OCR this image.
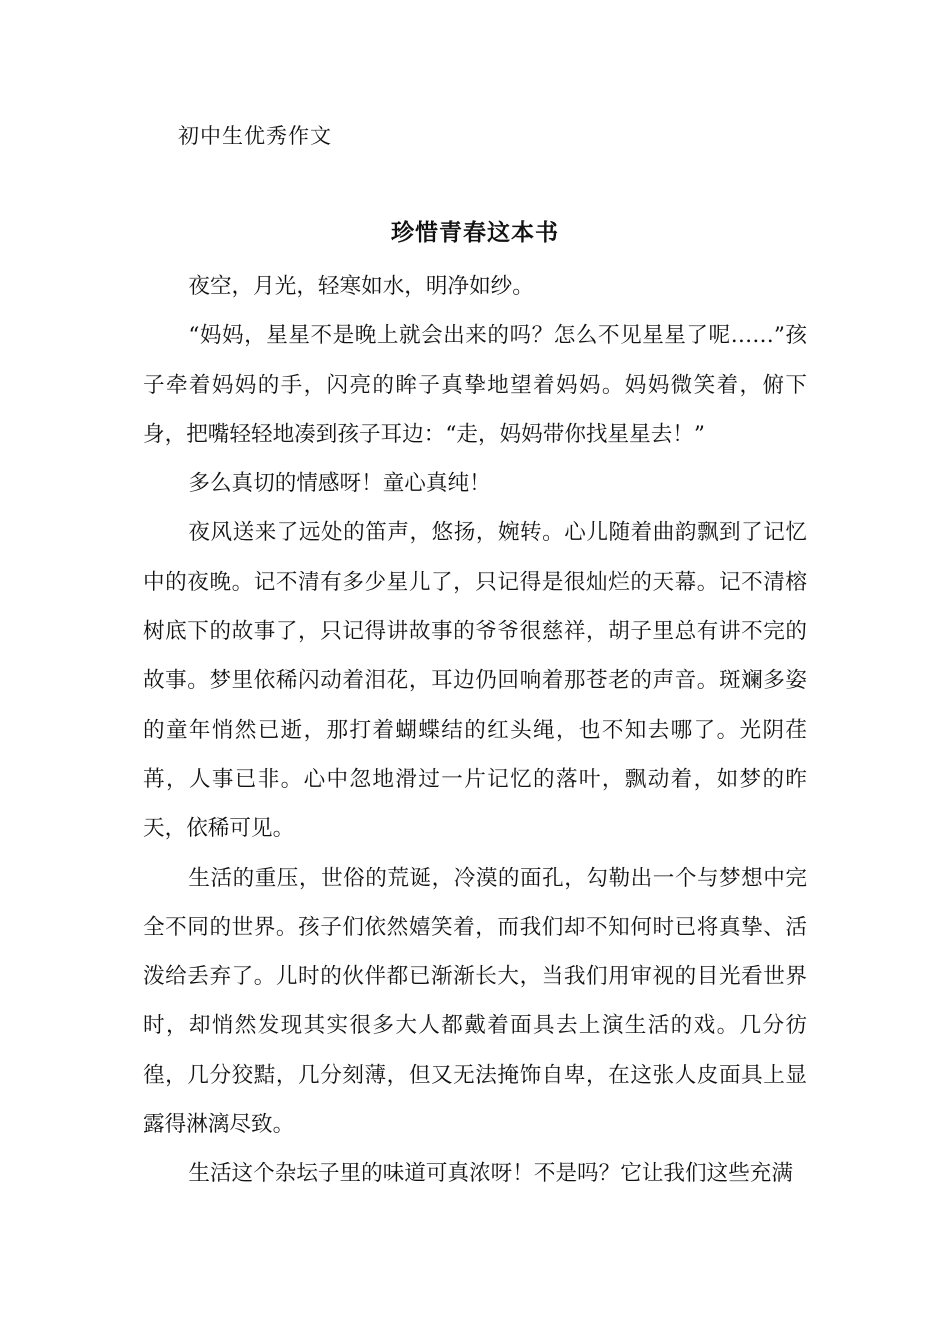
初中生优秀作文
珍惜青春这本书

夜空，月光，轻寒如水，明净如纱。

“妈妈，星星不是晚上就会出来的吗？怎么不见星星了呢……”孩子牵着妈妈的手，闪亮的眸子真挚地望着妈妈。妈妈微笑着，俯下身，把嘴轻轻地凑到孩子耳边：“走，妈妈带你找星星去！”

多么真切的情感呀！童心真纯！

夜风送来了远处的笛声，悠扬，婉转。心儿随着曲韵飘到了记忆中的夜晚。记不清有多少星儿了，只记得是很灿烂的天幕。记不清榕树底下的故事了，只记得讲故事的爷爷很慈祥，胡子里总有讲不完的故事。梦里依稀闪动着泪花，耳边仍回响着那苍老的声音。斑斓多姿的童年悄然已逝，那打着蝴蝶结的红头绳，也不知去哪了。光阴荏苒，人事已非。心中忽地滑过一片记忆的落叶，飘动着，如梦的昨天，依稀可见。

生活的重压，世俗的荒诞，冷漠的面孔，勾勒出一个与梦想中完全不同的世界。孩子们依然嬉笑着，而我们却不知何时已将真挚、活泼给丢弃了。儿时的伙伴都已渐渐长大，当我们用审视的目光看世界时，却悄然发现其实很多大人都戴着面具去上演生活的戏。几分彷徨，几分狡黠，几分刻薄，但又无法掩饰自卑，在这张人皮面具上显露得淋漓尽致。

生活这个杂坛子里的味道可真浓呀！不是吗？它让我们这些充满
